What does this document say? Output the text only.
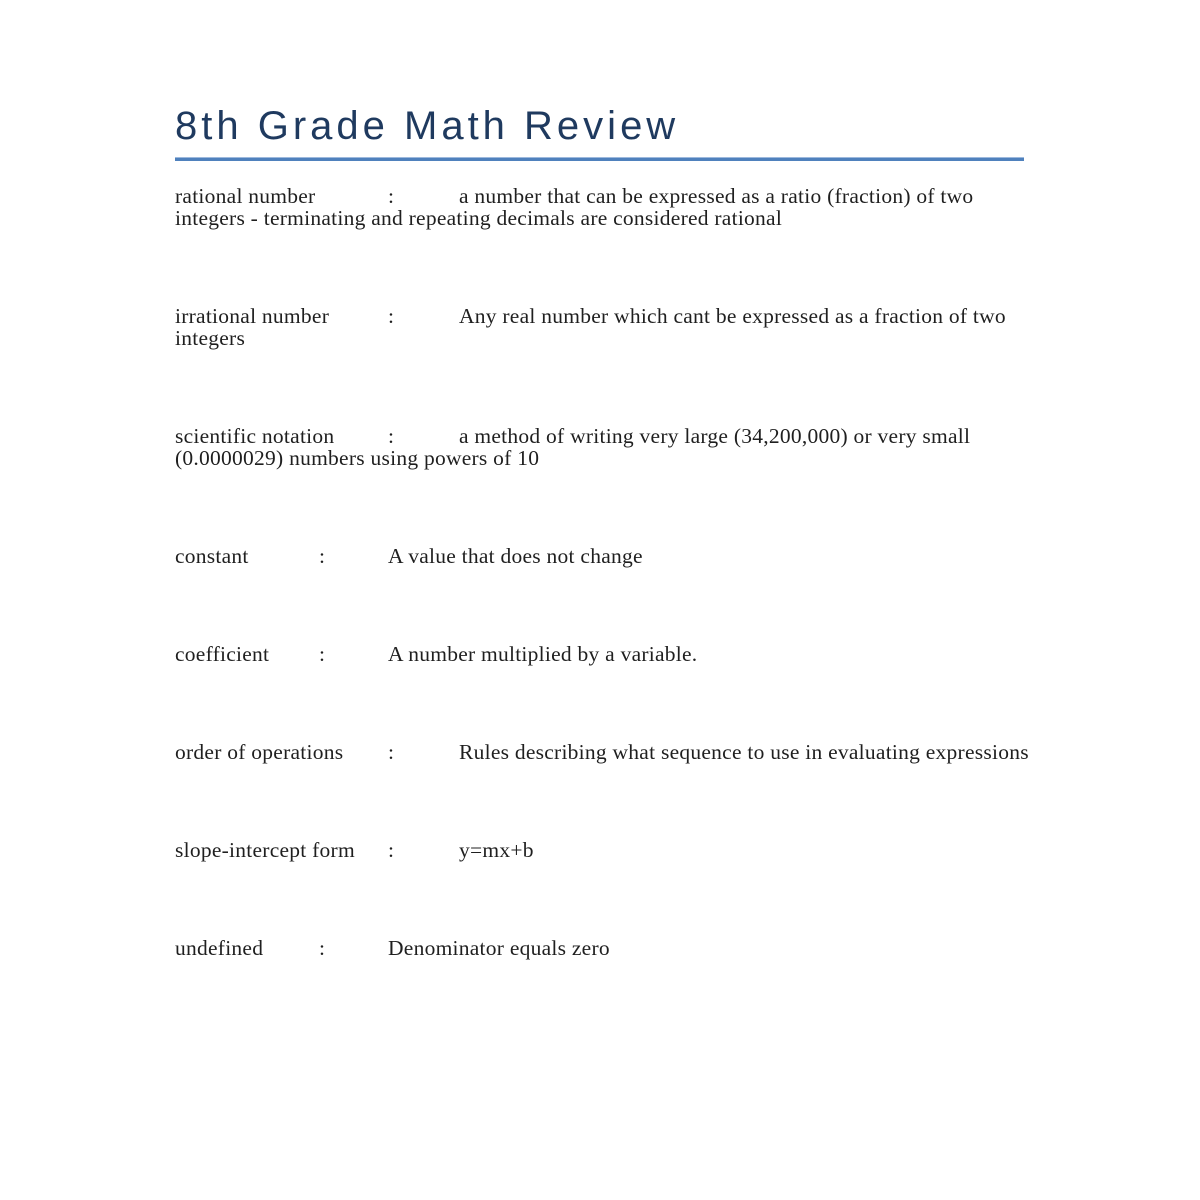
8th Grade Math Review
rational number	:	a number that can be expressed as a ratio (fraction) of two integers - terminating and repeating decimals are considered rational
irrational number	:	Any real number which cant be expressed as a fraction of two integers
scientific notation :	a method of writing very large (34,200,000) or very small (0.0000029) numbers using powers of 10
constant	:	A value that does not change
coefficient :	A number multiplied by a variable.
order of operations :	Rules describing what sequence to use in evaluating expressions
slope-intercept form :	y=mx+b
undefined	:	Denominator equals zero
